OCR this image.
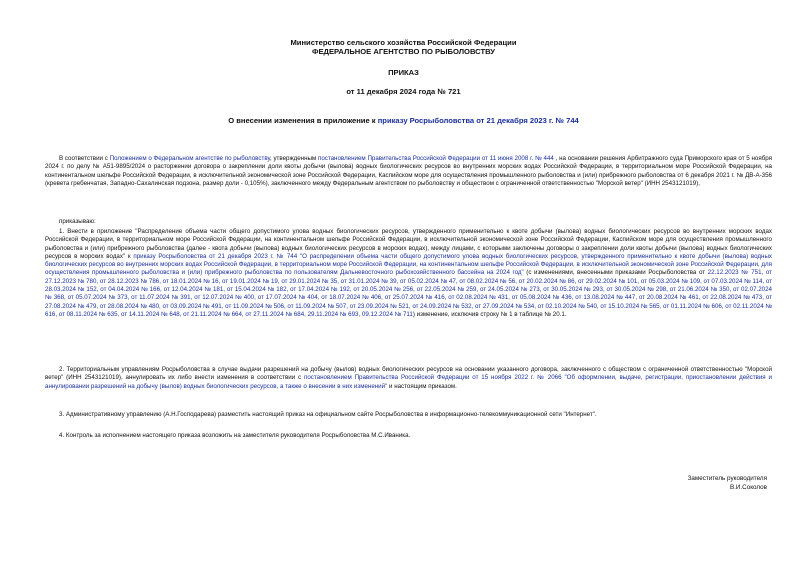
Министерство сельского хозяйства Российской Федерации
ФЕДЕРАЛЬНОЕ АГЕНТСТВО ПО РЫБОЛОВСТВУ
ПРИКАЗ
от 11 декабря 2024 года № 721
О внесении изменения в приложение к приказу Росрыболовства от 21 декабря 2023 г. № 744

В соответствии с Положением о Федеральном агентстве по рыболовству, утвержденным постановлением Правительства Российской Федерации от 11 июня 2008 г. № 444 , на основании решения Арбитражного суда Приморского края от 5 ноября 2024 г. по делу № А51-9895/2024 о расторжении договора о закреплении доли квоты добычи (вылова) водных биологических ресурсов во внутренних морских водах Российской Федерации, в территориальном море Российской Федерации, на континентальном шельфе Российской Федерации, в исключительной экономической зоне Российской Федерации, Каспийском море для осуществления промышленного рыболовства и (или) прибрежного рыболовства от 6 декабря 2021 г. № ДВ-А-356 (кревета гребенчатая, Западно-Сахалинская подзона, размер доли - 0,105%), заключенного между Федеральным агентством по рыболовству и обществом с ограниченной ответственностью "Морской ветер" (ИНН 2543121019),

приказываю:

1. Внести в приложение "Распределение объема части общего допустимого улова водных биологических ресурсов, утвержденного применительно к квоте добычи (вылова) водных биологических ресурсов во внутренних морских водах Российской Федерации, в территориальном море Российской Федерации, на континентальном шельфе Российской Федерации, в исключительной экономической зоне Российской Федерации, Каспийском море для осуществления промышленного рыболовства и (или) прибрежного рыболовства (далее - квота добычи (вылова) водных биологических ресурсов в морских водах), между лицами, с которыми заключены договоры о закреплении доли квоты добычи (вылова) водных биологических ресурсов в морских водах" к приказу Росрыболовства от 21 декабря 2023 г. № 744 "О распределении объема части общего допустимого улова водных биологических ресурсов, утвержденного применительно к квоте добычи (вылова) водных биологических ресурсов во внутренних морских водах Российской Федерации, в территориальном море Российской Федерации, на континентальном шельфе Российской Федерации, в исключительной экономической зоне Российской Федерации, для осуществления промышленного рыболовства и (или) прибрежного рыболовства по пользователям Дальневосточного рыбохозяйственного бассейна на 2024 год" (с изменениями, внесенными приказами Росрыболовства от 22.12.2023 № 751, от 27.12.2023 № 780, от 28.12.2023 № 786, от 18.01.2024 № 16, от 19.01.2024 № 19, от 29.01.2024 № 35, от 31.01.2024 № 39, от 05.02.2024 № 47, от 08.02.2024 № 56, от 20.02.2024 № 86, от 29.02.2024 № 101, от 05.03.2024 № 109, от 07.03.2024 № 114, от 28.03.2024 № 152, от 04.04.2024 № 166, от 12.04.2024 № 181, от 15.04.2024 № 182, от 17.04.2024 № 192, от 20.05.2024 № 256, от 22.05.2024 № 259, от 24.05.2024 № 273, от 30.05.2024 № 293, от 30.05.2024 № 298, от 21.06.2024 № 350, от 02.07.2024 № 368, от 05.07.2024 № 373, от 11.07.2024 № 391, от 12.07.2024 № 400, от 17.07.2024 № 404, от 18.07.2024 № 406, от 25.07.2024 № 416, от 02.08.2024 № 431, от 05.08.2024 № 436, от 13.08.2024 № 447, от 20.08.2024 № 461, от 22.08.2024 № 473, от 27.08.2024 № 479, от 28.08.2024 № 480, от 03.09.2024 № 491, от 11.09.2024 № 506, от 11.09.2024 № 507, от 23.09.2024 № 521, от 24.09.2024 № 532, от 27.09.2024 № 534, от 02.10.2024 № 540, от 15.10.2024 № 565, от 01.11.2024 № 606, от 02.11.2024 № 616, от 08.11.2024 № 635, от 14.11.2024 № 648, от 21.11.2024 № 664, от 27.11.2024 № 684, 29.11.2024 № 693, 09.12.2024 № 711) изменение, исключив строку № 1 в таблице № 20.1.

2. Территориальным управлениям Росрыболовства в случае выдачи разрешений на добычу (вылов) водных биологических ресурсов на основании указанного договора, заключенного с обществом с ограниченной ответственностью "Морской ветер" (ИНН 2543121019), аннулировать их либо внести изменения в соответствии с постановлением Правительства Российской Федерации от 15 ноября 2022 г. № 2066 "Об оформлении, выдаче, регистрации, приостановлении действия и аннулировании разрешений на добычу (вылов) водных биологических ресурсов, а также о внесении в них изменений" и настоящим приказом.

3. Административному управлению (А.Н.Господарева) разместить настоящий приказ на официальном сайте Росрыболовства в информационно-телекоммуникационной сети "Интернет".

4. Контроль за исполнением настоящего приказа возложить на заместителя руководителя Росрыболовства М.С.Иваника.

Заместитель руководителя
В.И.Соколов
